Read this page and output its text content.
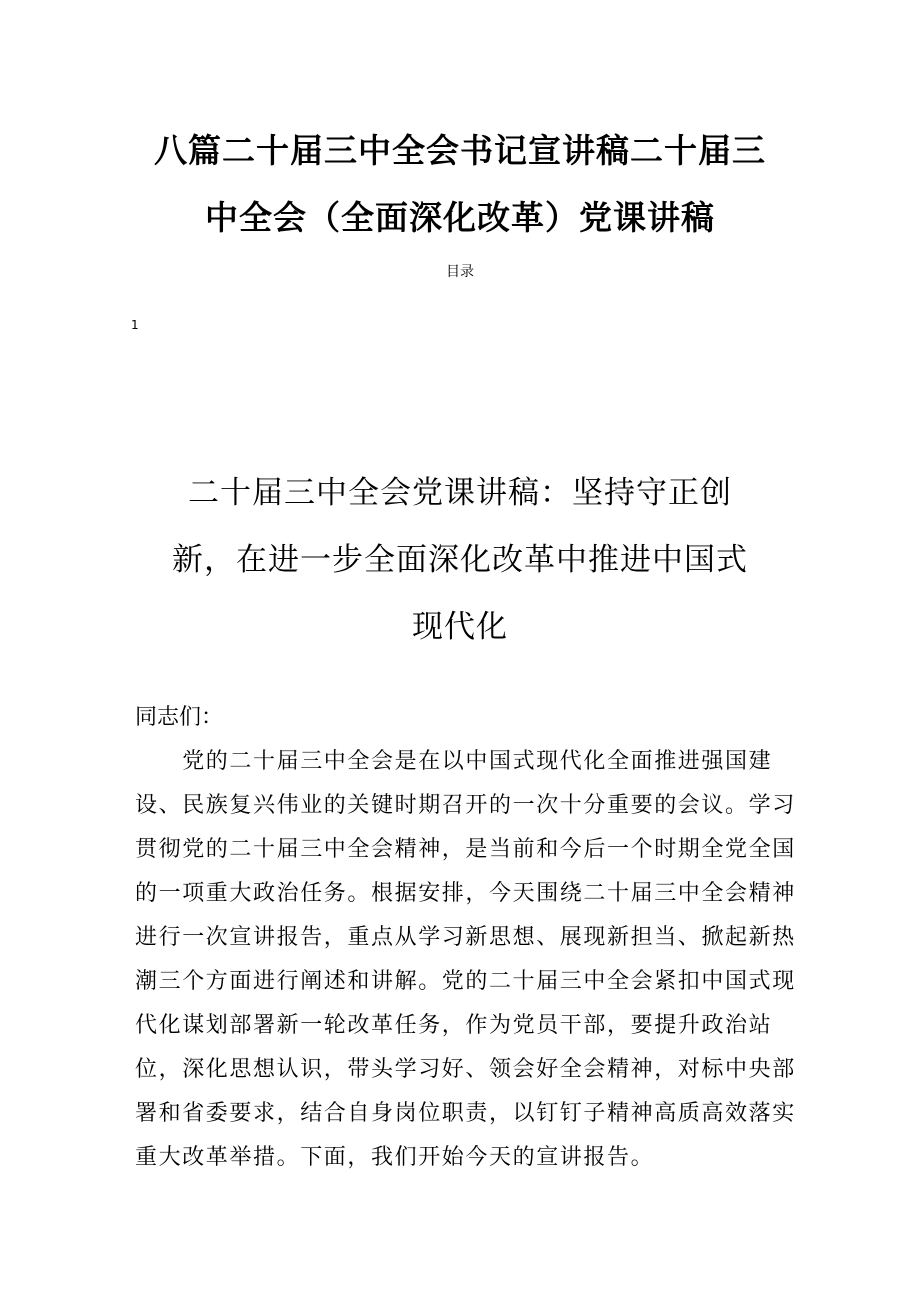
八篇二十届三中全会书记宣讲稿二十届三
中全会（全面深化改革）党课讲稿
目录
1
二十届三中全会党课讲稿：坚持守正创
新，在进一步全面深化改革中推进中国式
现代化
同志们：
　　党的二十届三中全会是在以中国式现代化全面推进强国建
设、民族复兴伟业的关键时期召开的一次十分重要的会议。学习
贯彻党的二十届三中全会精神，是当前和今后一个时期全党全国
的一项重大政治任务。根据安排，今天围绕二十届三中全会精神
进行一次宣讲报告，重点从学习新思想、展现新担当、掀起新热
潮三个方面进行阐述和讲解。党的二十届三中全会紧扣中国式现
代化谋划部署新一轮改革任务，作为党员干部，要提升政治站
位，深化思想认识，带头学习好、领会好全会精神，对标中央部
署和省委要求，结合自身岗位职责，以钉钉子精神高质高效落实
重大改革举措。下面，我们开始今天的宣讲报告。
